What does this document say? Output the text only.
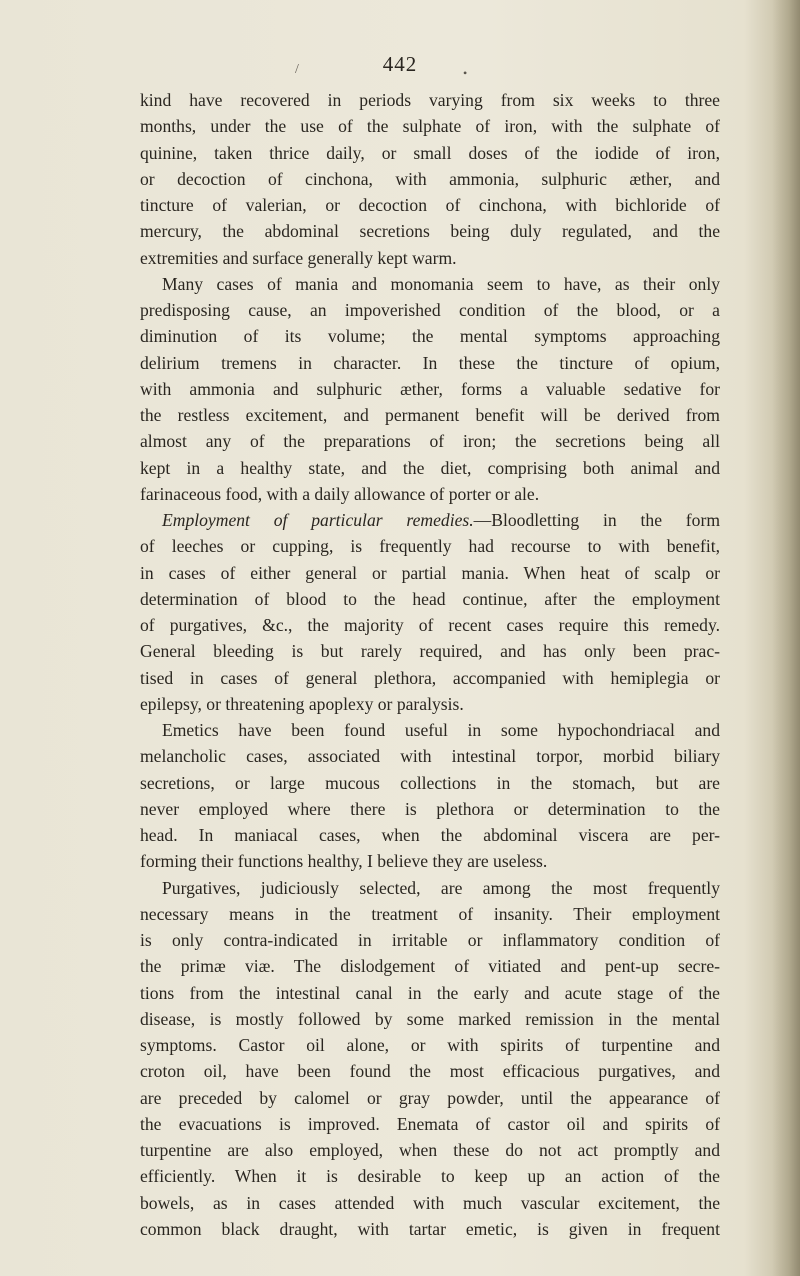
/	442	•
kind have recovered in periods varying from six weeks to three
months, under the use of the sulphate of iron, with the sulphate of
quinine, taken thrice daily, or small doses of the iodide of iron,
or decoction of cinchona, with ammonia, sulphuric æther, and
tincture of valerian, or decoction of cinchona, with bichloride of
mercury, the abdominal secretions being duly regulated, and the
extremities and surface generally kept warm.
Many cases of mania and monomania seem to have, as their only
predisposing cause, an impoverished condition of the blood, or a
diminution of its volume; the mental symptoms approaching
delirium tremens in character. In these the tincture of opium,
with ammonia and sulphuric æther, forms a valuable sedative for
the restless excitement, and permanent benefit will be derived from
almost any of the preparations of iron; the secretions being all
kept in a healthy state, and the diet, comprising both animal and
farinaceous food, with a daily allowance of porter or ale.
Employment of particular remedies.—Bloodletting in the form
of leeches or cupping, is frequently had recourse to with benefit,
in cases of either general or partial mania. When heat of scalp or
determination of blood to the head continue, after the employment
of purgatives, &c., the majority of recent cases require this remedy.
General bleeding is but rarely required, and has only been prac-
tised in cases of general plethora, accompanied with hemiplegia or
epilepsy, or threatening apoplexy or paralysis.
Emetics have been found useful in some hypochondriacal and
melancholic cases, associated with intestinal torpor, morbid biliary
secretions, or large mucous collections in the stomach, but are
never employed where there is plethora or determination to the
head. In maniacal cases, when the abdominal viscera are per-
forming their functions healthy, I believe they are useless.
Purgatives, judiciously selected, are among the most frequently
necessary means in the treatment of insanity. Their employment
is only contra-indicated in irritable or inflammatory condition of
the primæ viæ. The dislodgement of vitiated and pent-up secre-
tions from the intestinal canal in the early and acute stage of the
disease, is mostly followed by some marked remission in the mental
symptoms. Castor oil alone, or with spirits of turpentine and
croton oil, have been found the most efficacious purgatives, and
are preceded by calomel or gray powder, until the appearance of
the evacuations is improved. Enemata of castor oil and spirits of
turpentine are also employed, when these do not act promptly and
efficiently. When it is desirable to keep up an action of the
bowels, as in cases attended with much vascular excitement, the
common black draught, with tartar emetic, is given in frequent
